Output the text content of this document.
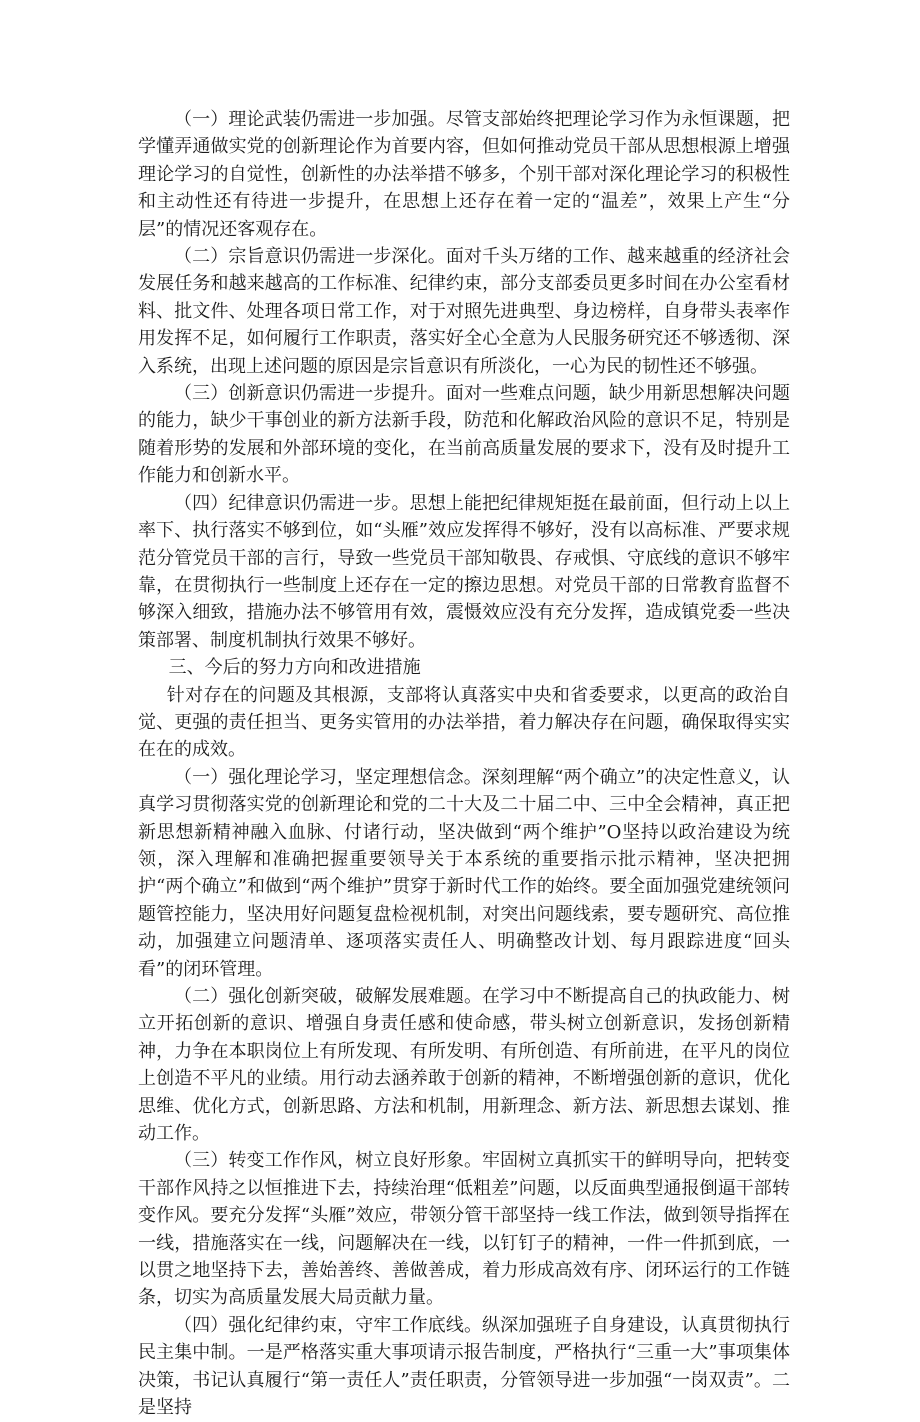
（一）理论武装仍需进一步加强。尽管支部始终把理论学习作为永恒课题，把学懂弄通做实党的创新理论作为首要内容，但如何推动党员干部从思想根源上增强理论学习的自觉性，创新性的办法举措不够多，个别干部对深化理论学习的积极性和主动性还有待进一步提升，在思想上还存在着一定的“温差”，效果上产生“分层”的情况还客观存在。

（二）宗旨意识仍需进一步深化。面对千头万绪的工作、越来越重的经济社会发展任务和越来越高的工作标准、纪律约束，部分支部委员更多时间在办公室看材料、批文件、处理各项日常工作，对于对照先进典型、身边榜样，自身带头表率作用发挥不足，如何履行工作职责，落实好全心全意为人民服务研究还不够透彻、深入系统，出现上述问题的原因是宗旨意识有所淡化，一心为民的韧性还不够强。

（三）创新意识仍需进一步提升。面对一些难点问题，缺少用新思想解决问题的能力，缺少干事创业的新方法新手段，防范和化解政治风险的意识不足，特别是随着形势的发展和外部环境的变化，在当前高质量发展的要求下，没有及时提升工作能力和创新水平。

（四）纪律意识仍需进一步。思想上能把纪律规矩挺在最前面，但行动上以上率下、执行落实不够到位，如“头雁”效应发挥得不够好，没有以高标准、严要求规范分管党员干部的言行，导致一些党员干部知敬畏、存戒惧、守底线的意识不够牢靠，在贯彻执行一些制度上还存在一定的擦边思想。对党员干部的日常教育监督不够深入细致，措施办法不够管用有效，震慑效应没有充分发挥，造成镇党委一些决策部署、制度机制执行效果不够好。

三、今后的努力方向和改进措施

针对存在的问题及其根源，支部将认真落实中央和省委要求，以更高的政治自觉、更强的责任担当、更务实管用的办法举措，着力解决存在问题，确保取得实实在在的成效。

（一）强化理论学习，坚定理想信念。深刻理解“两个确立”的决定性意义，认真学习贯彻落实党的创新理论和党的二十大及二十届二中、三中全会精神，真正把新思想新精神融入血脉、付诸行动，坚决做到“两个维护”O坚持以政治建设为统领，深入理解和准确把握重要领导关于本系统的重要指示批示精神，坚决把拥护“两个确立”和做到“两个维护”贯穿于新时代工作的始终。要全面加强党建统领问题管控能力，坚决用好问题复盘检视机制，对突出问题线索，要专题研究、高位推动，加强建立问题清单、逐项落实责任人、明确整改计划、每月跟踪进度“回头看”的闭环管理。

（二）强化创新突破，破解发展难题。在学习中不断提高自己的执政能力、树立开拓创新的意识、增强自身责任感和使命感，带头树立创新意识，发扬创新精神，力争在本职岗位上有所发现、有所发明、有所创造、有所前进，在平凡的岗位上创造不平凡的业绩。用行动去涵养敢于创新的精神，不断增强创新的意识，优化思维、优化方式，创新思路、方法和机制，用新理念、新方法、新思想去谋划、推动工作。

（三）转变工作作风，树立良好形象。牢固树立真抓实干的鲜明导向，把转变干部作风持之以恒推进下去，持续治理“低粗差”问题，以反面典型通报倒逼干部转变作风。要充分发挥“头雁”效应，带领分管干部坚持一线工作法，做到领导指挥在一线，措施落实在一线，问题解决在一线，以钉钉子的精神，一件一件抓到底，一以贯之地坚持下去，善始善终、善做善成，着力形成高效有序、闭环运行的工作链条，切实为高质量发展大局贡献力量。

（四）强化纪律约束，守牢工作底线。纵深加强班子自身建设，认真贯彻执行民主集中制。一是严格落实重大事项请示报告制度，严格执行“三重一大”事项集体决策，书记认真履行“第一责任人”责任职责，分管领导进一步加强“一岗双责”。二是坚持
